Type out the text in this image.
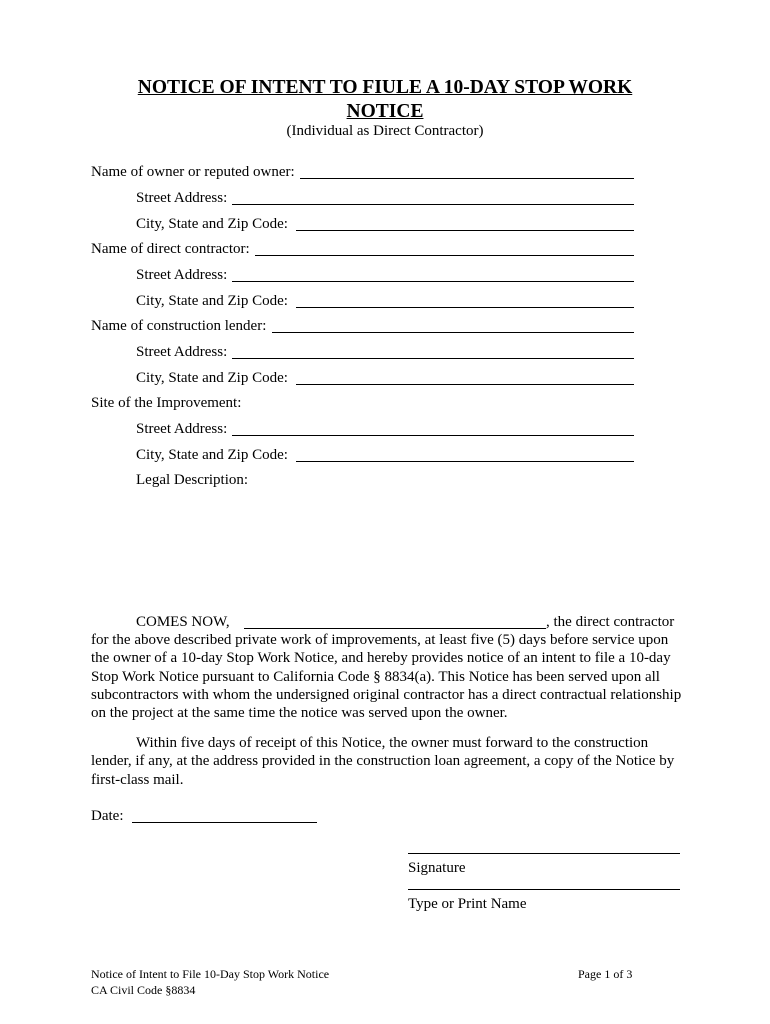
NOTICE OF INTENT TO FIULE A 10-DAY STOP WORK
NOTICE
(Individual as Direct Contractor)
Name of owner or reputed owner:
Street Address:
City, State and Zip Code:
Name of direct contractor:
Street Address:
City, State and Zip Code:
Name of construction lender:
Street Address:
City, State and Zip Code:
Site of the Improvement:
Street Address:
City, State and Zip Code:
Legal Description:
COMES NOW,	, the direct contractor
for the above described private work of improvements, at least five (5) days before service upon the owner of a 10-day Stop Work Notice, and hereby provides notice of an intent to file a 10-day Stop Work Notice pursuant to California Code § 8834(a). This Notice has been served upon all subcontractors with whom the undersigned original contractor has a direct contractual relationship on the project at the same time the notice was served upon the owner.
Within five days of receipt of this Notice, the owner must forward to the construction lender, if any, at the address provided in the construction loan agreement, a copy of the Notice by first-class mail.
Date:
Signature
Type or Print Name
Notice of Intent to File 10-Day Stop Work Notice
CA Civil Code §8834
Page 1 of 3
